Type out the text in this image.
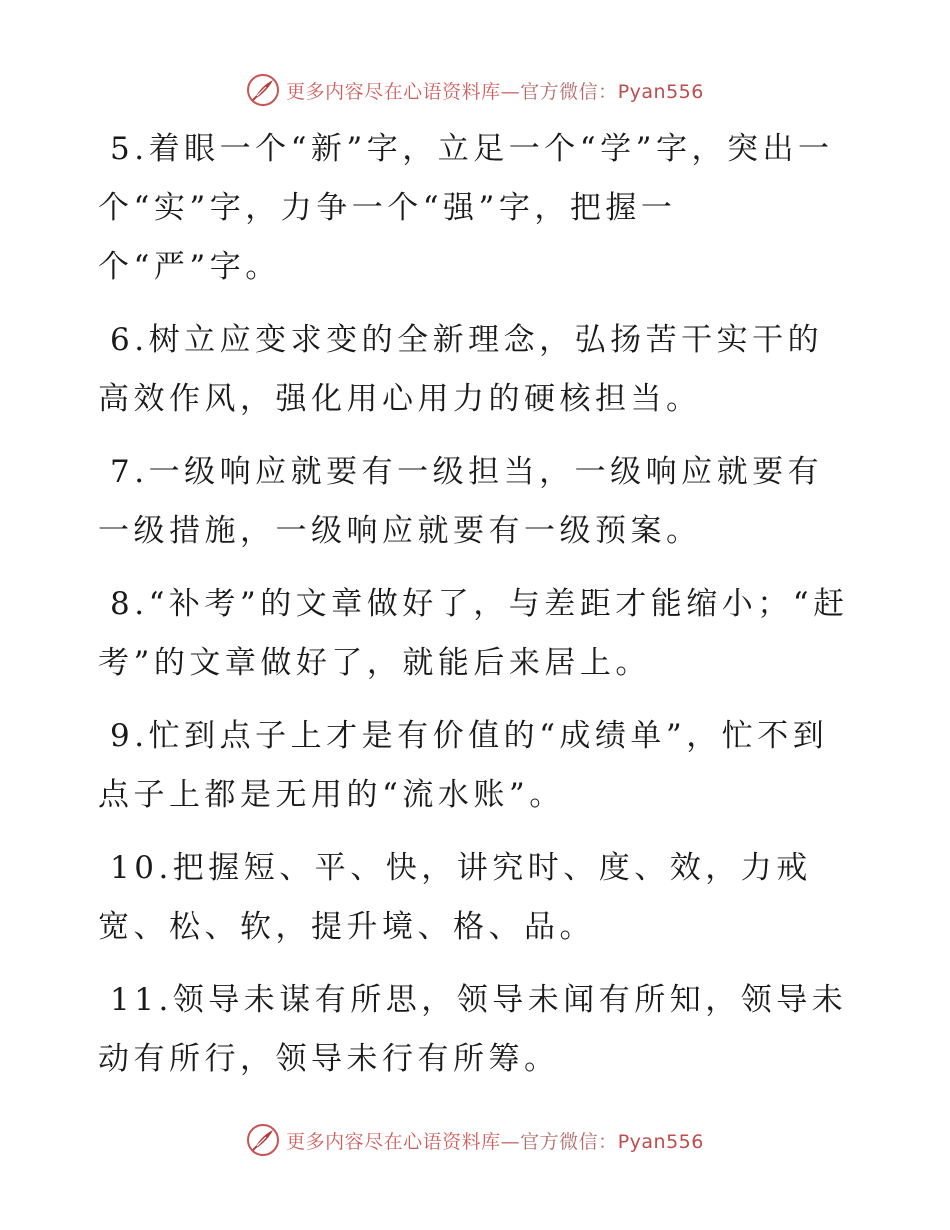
更多内容尽在心语资料库—官方微信：Pyan556

5.着眼一个“新”字，立足一个“学”字，突出一个“实”字，力争一个“强”字，把握一个“严”字。

6.树立应变求变的全新理念，弘扬苦干实干的高效作风，强化用心用力的硬核担当。

7.一级响应就要有一级担当，一级响应就要有一级措施，一级响应就要有一级预案。

8.“补考”的文章做好了，与差距才能缩小；“赶考”的文章做好了，就能后来居上。

9.忙到点子上才是有价值的“成绩单”，忙不到点子上都是无用的“流水账”。

10.把握短、平、快，讲究时、度、效，力戒宽、松、软，提升境、格、品。

11.领导未谋有所思，领导未闻有所知，领导未动有所行，领导未行有所筹。

更多内容尽在心语资料库—官方微信：Pyan556
